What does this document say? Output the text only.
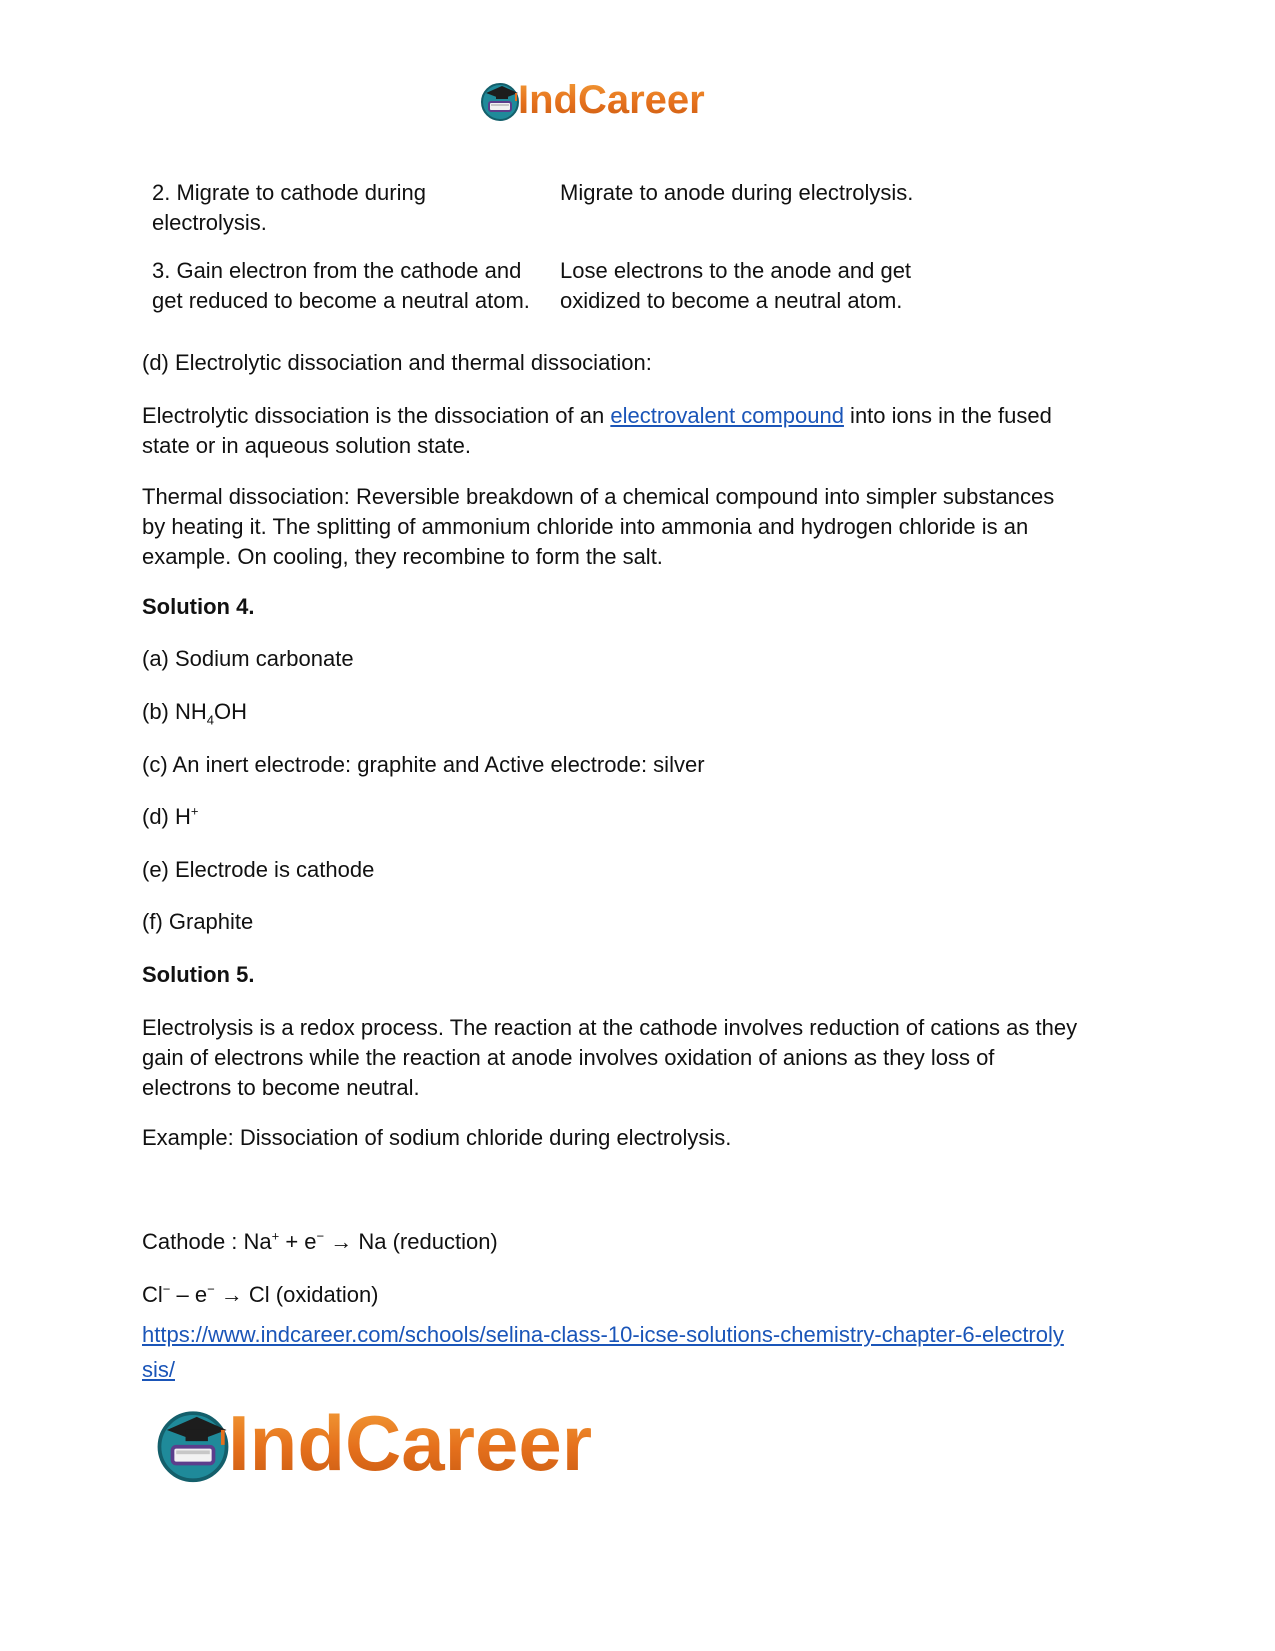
IndCareer
2. Migrate to cathode during electrolysis.
Migrate to anode during electrolysis.
3. Gain electron from the cathode and get reduced to become a neutral atom.
Lose electrons to the anode and get oxidized to become a neutral atom.
(d) Electrolytic dissociation and thermal dissociation:
Electrolytic dissociation is the dissociation of an electrovalent compound into ions in the fused state or in aqueous solution state.
Thermal dissociation: Reversible breakdown of a chemical compound into simpler substances by heating it. The splitting of ammonium chloride into ammonia and hydrogen chloride is an example. On cooling, they recombine to form the salt.
Solution 4.
(a) Sodium carbonate
(b) $NH_4OH$
(c) An inert electrode: graphite and Active electrode: silver
(d) H+
(e) Electrode is cathode
(f) Graphite
Solution 5.
Electrolysis is a redox process. The reaction at the cathode involves reduction of cations as they gain of electrons while the reaction at anode involves oxidation of anions as they loss of electrons to become neutral.
Example: Dissociation of sodium chloride during electrolysis.
Cathode : Na+ + e− → Na (reduction)
Cl− – e− → Cl (oxidation)
https://www.indcareer.com/schools/selina-class-10-icse-solutions-chemistry-chapter-6-electrolysis/
IndCareer
